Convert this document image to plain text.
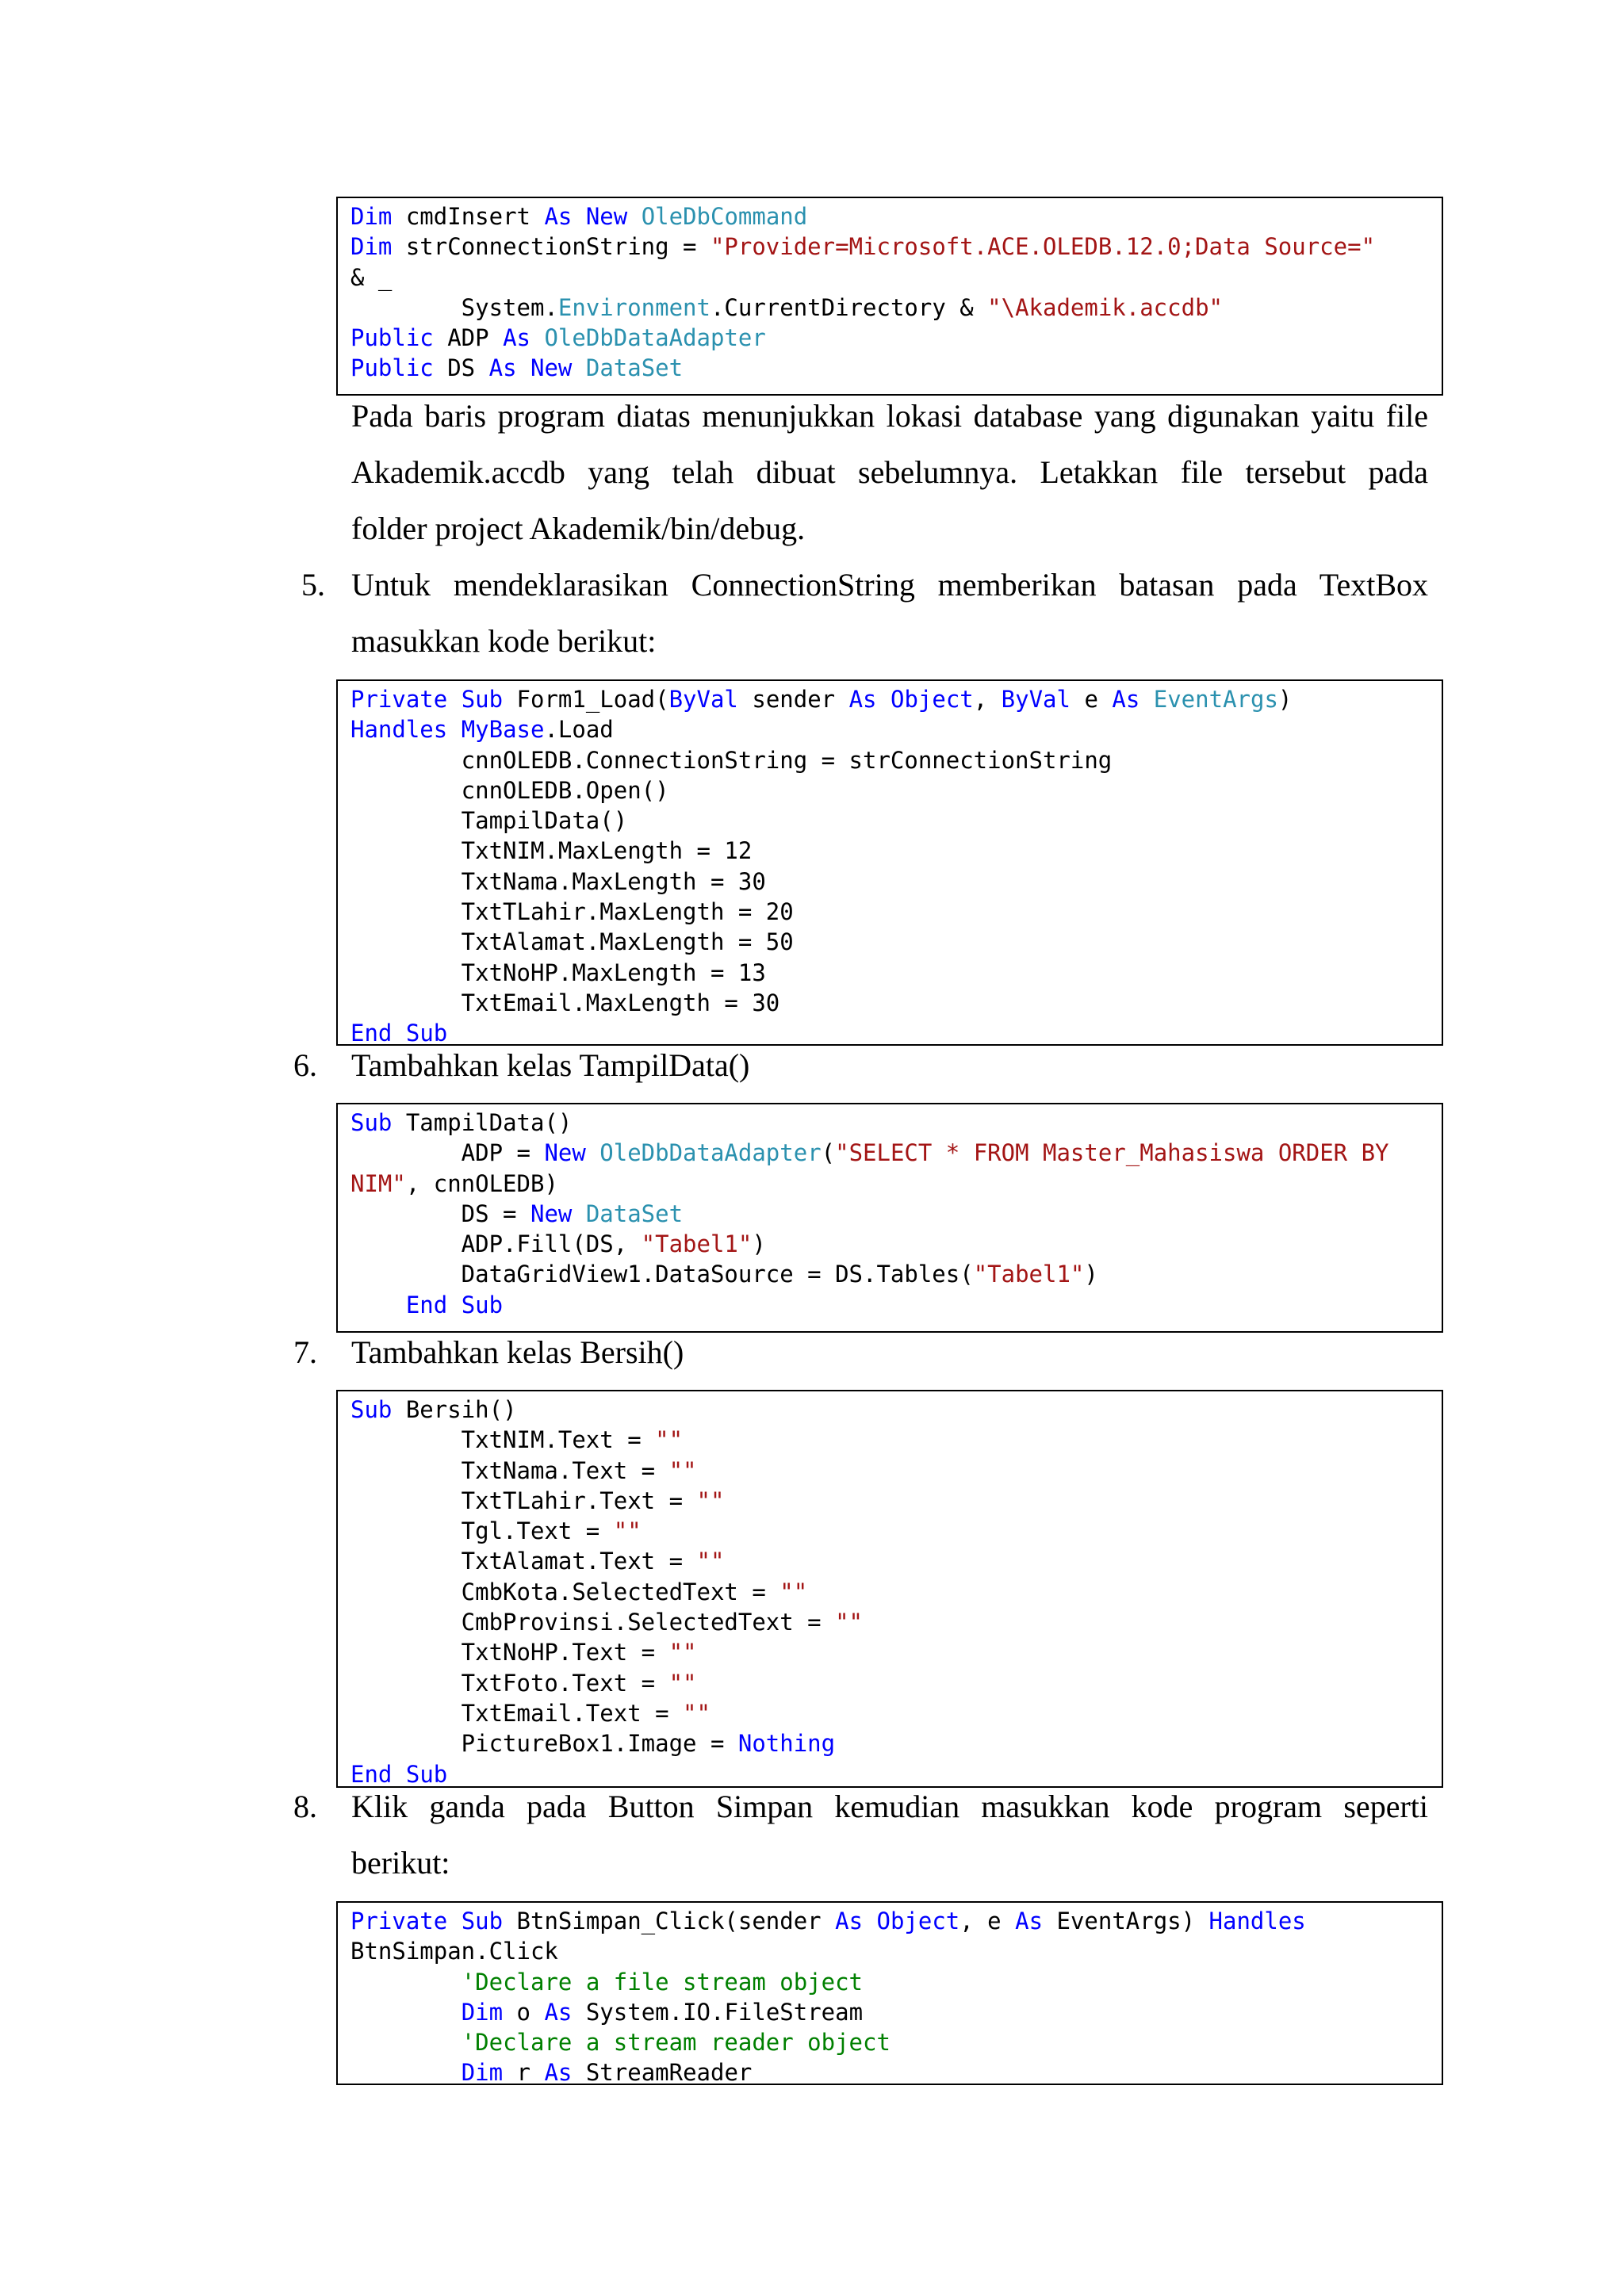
Dim cmdInsert As New OleDbCommand
Dim strConnectionString = "Provider=Microsoft.ACE.OLEDB.12.0;Data Source="
& _
System.Environment.CurrentDirectory & "\Akademik.accdb"
Public ADP As OleDbDataAdapter
Public DS As New DataSet
Pada baris program diatas menunjukkan lokasi database yang digunakan yaitu file
Akademik.accdb yang telah dibuat sebelumnya. Letakkan file tersebut pada
folder project Akademik/bin/debug.
5. Untuk mendeklarasikan ConnectionString memberikan batasan pada TextBox
masukkan kode berikut:
Private Sub Form1_Load(ByVal sender As Object, ByVal e As EventArgs)
Handles MyBase.Load
cnnOLEDB.ConnectionString = strConnectionString
cnnOLEDB.Open()
TampilData()
TxtNIM.MaxLength = 12
TxtNama.MaxLength = 30
TxtTLahir.MaxLength = 20
TxtAlamat.MaxLength = 50
TxtNoHP.MaxLength = 13
TxtEmail.MaxLength = 30
End Sub
6. Tambahkan kelas TampilData()
Sub TampilData()
ADP = New OleDbDataAdapter("SELECT * FROM Master_Mahasiswa ORDER BY
NIM", cnnOLEDB)
DS = New DataSet
ADP.Fill(DS, "Tabel1")
DataGridView1.DataSource = DS.Tables("Tabel1")
End Sub
7. Tambahkan kelas Bersih()
Sub Bersih()
TxtNIM.Text = ""
TxtNama.Text = ""
TxtTLahir.Text = ""
Tgl.Text = ""
TxtAlamat.Text = ""
CmbKota.SelectedText = ""
CmbProvinsi.SelectedText = ""
TxtNoHP.Text = ""
TxtFoto.Text = ""
TxtEmail.Text = ""
PictureBox1.Image = Nothing
End Sub
8. Klik ganda pada Button Simpan kemudian masukkan kode program seperti
berikut:
Private Sub BtnSimpan_Click(sender As Object, e As EventArgs) Handles
BtnSimpan.Click
'Declare a file stream object
Dim o As System.IO.FileStream
'Declare a stream reader object
Dim r As StreamReader
